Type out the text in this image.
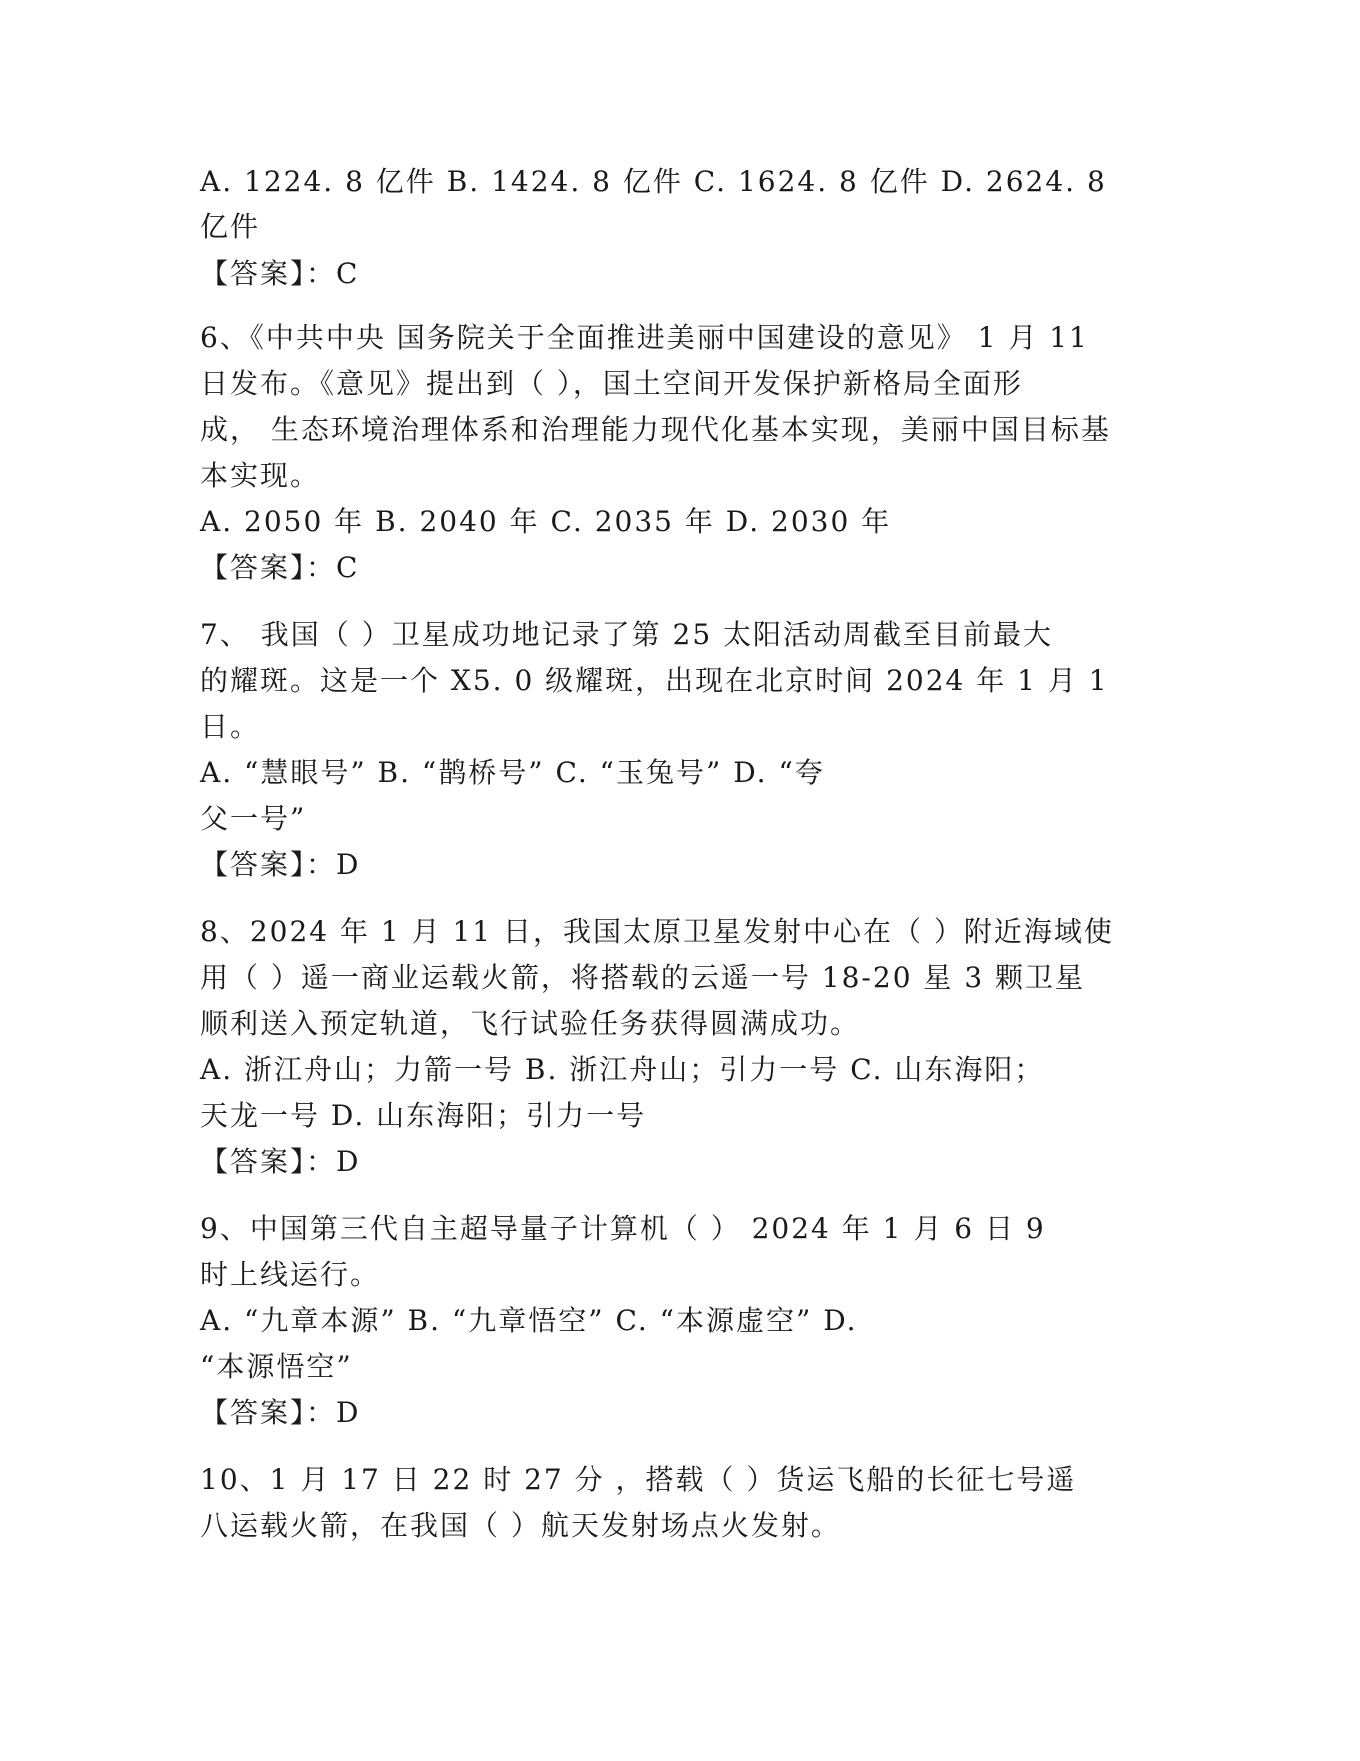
A. 1224. 8 亿件 B. 1424. 8 亿件 C. 1624. 8 亿件 D. 2624. 8
亿件
【答案】：C
6、《中共中央 国务院关于全面推进美丽中国建设的意见》 1 月 11
日发布。《意见》提出到（ ），国土空间开发保护新格局全面形
成， 生态环境治理体系和治理能力现代化基本实现，美丽中国目标基
本实现。
A. 2050 年 B. 2040 年 C. 2035 年 D. 2030 年
【答案】：C
7、 我国（ ）卫星成功地记录了第 25 太阳活动周截至目前最大
的耀斑。这是一个 X5. 0 级耀斑，出现在北京时间 2024 年 1 月 1
日。
A. “慧眼号” B. “鹊桥号” C. “玉兔号” D. “夸
父一号”
【答案】：D
8、2024 年 1 月 11 日，我国太原卫星发射中心在（ ）附近海域使
用（ ）遥一商业运载火箭，将搭载的云遥一号 18-20 星 3 颗卫星
顺利送入预定轨道，飞行试验任务获得圆满成功。
A. 浙江舟山；力箭一号 B. 浙江舟山；引力一号 C. 山东海阳；
天龙一号 D. 山东海阳；引力一号
【答案】：D
9、中国第三代自主超导量子计算机（ ） 2024 年 1 月 6 日 9
时上线运行。
A. “九章本源” B. “九章悟空” C. “本源虚空” D.
“本源悟空”
【答案】：D
10、1 月 17 日 22 时 27 分 ，搭载（ ）货运飞船的长征七号遥
八运载火箭，在我国（ ）航天发射场点火发射。
